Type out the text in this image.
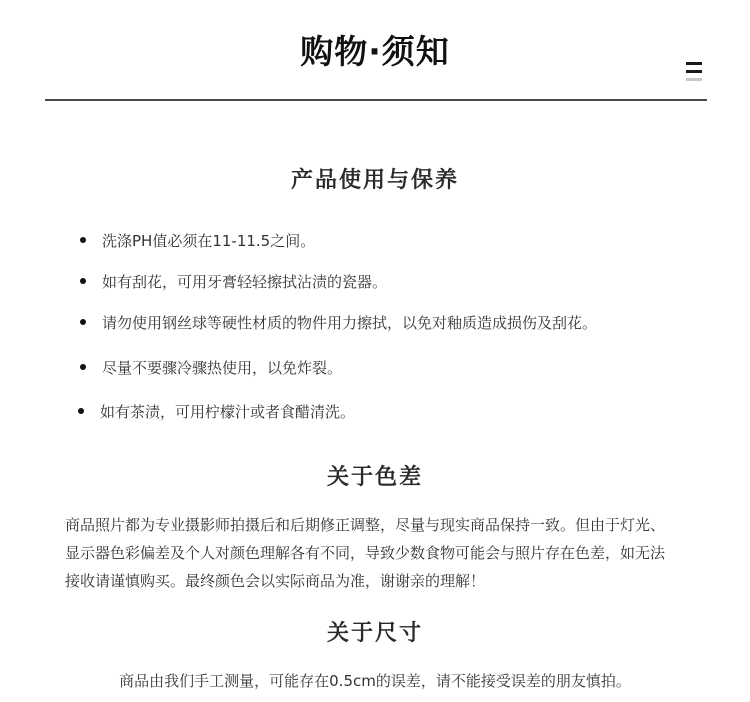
购物·须知
产品使用与保养
洗涤PH值必须在11-11.5之间。
如有刮花，可用牙膏轻轻擦拭沾渍的瓷器。
请勿使用钢丝球等硬性材质的物件用力擦拭，以免对釉质造成损伤及刮花。
尽量不要骤冷骤热使用，以免炸裂。
如有茶渍，可用柠檬汁或者食醋清洗。
关于色差

商品照片都为专业摄影师拍摄后和后期修正调整，尽量与现实商品保持一致。但由于灯光、显示器色彩偏差及个人对颜色理解各有不同，导致少数食物可能会与照片存在色差，如无法接收请谨慎购买。最终颜色会以实际商品为准，谢谢亲的理解！

关于尺寸

商品由我们手工测量，可能存在0.5cm的误差，请不能接受误差的朋友慎拍。
